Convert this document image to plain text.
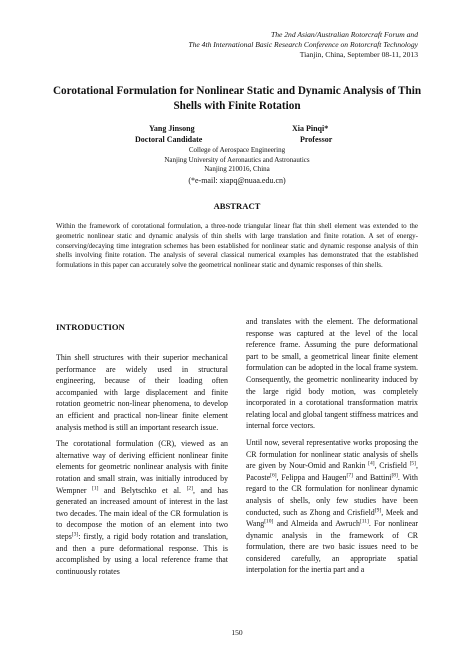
The 2nd Asian/Australian Rotorcraft Forum and
The 4th International Basic Research Conference on Rotorcraft Technology
Tianjin, China, September 08-11, 2013
Corotational Formulation for Nonlinear Static and Dynamic Analysis of Thin Shells with Finite Rotation
Yang Jinsong
Doctoral Candidate
Xia Pinqi*
Professor
College of Aerospace Engineering
Nanjing University of Aeronautics and Astronautics
Nanjing 210016, China
(*e-mail: xiapq@nuaa.edu.cn)
ABSTRACT

Within the framework of corotational formulation, a three-node triangular linear flat thin shell element was extended to the geometric nonlinear static and dynamic analysis of thin shells with large translation and finite rotation. A set of energy-conserving/decaying time integration schemes has been established for nonlinear static and dynamic response analysis of thin shells involving finite rotation. The analysis of several classical numerical examples has demonstrated that the established formulations in this paper can accurately solve the geometrical nonlinear static and dynamic responses of thin shells.

INTRODUCTION

Thin shell structures with their superior mechanical performance are widely used in structural engineering, because of their loading often accompanied with large displacement and finite rotation geometric non-linear phenomena, to develop an efficient and practical non-linear finite element analysis method is still an important research issue.

The corotational formulation (CR), viewed as an alternative way of deriving efficient nonlinear finite elements for geometric nonlinear analysis with finite rotation and small strain, was initially introduced by Wempner [1] and Belytschko et al. [2], and has generated an increased amount of interest in the last two decades. The main ideal of the CR formulation is to decompose the motion of an element into two steps[3]: firstly, a rigid body rotation and translation, and then a pure deformational response. This is accomplished by using a local reference frame that continuously rotates

and translates with the element. The deformational response was captured at the level of the local reference frame. Assuming the pure deformational part to be small, a geometrical linear finite element formulation can be adopted in the local frame system. Consequently, the geometric nonlinearity induced by the large rigid body motion, was completely incorporated in a corotational transformation matrix relating local and global tangent stiffness matrices and internal force vectors.

Until now, several representative works proposing the CR formulation for nonlinear static analysis of shells are given by Nour-Omid and Rankin [4], Crisfield [5], Pacoste[6], Felippa and Haugen[7] and Battini[8]. With regard to the CR formulation for nonlinear dynamic analysis of shells, only few studies have been conducted, such as Zhong and Crisfield[9], Meek and Wang[10] and Almeida and Awruch[11]. For nonlinear dynamic analysis in the framework of CR formulation, there are two basic issues need to be considered carefully, an appropriate spatial interpolation for the inertia part and a

150
